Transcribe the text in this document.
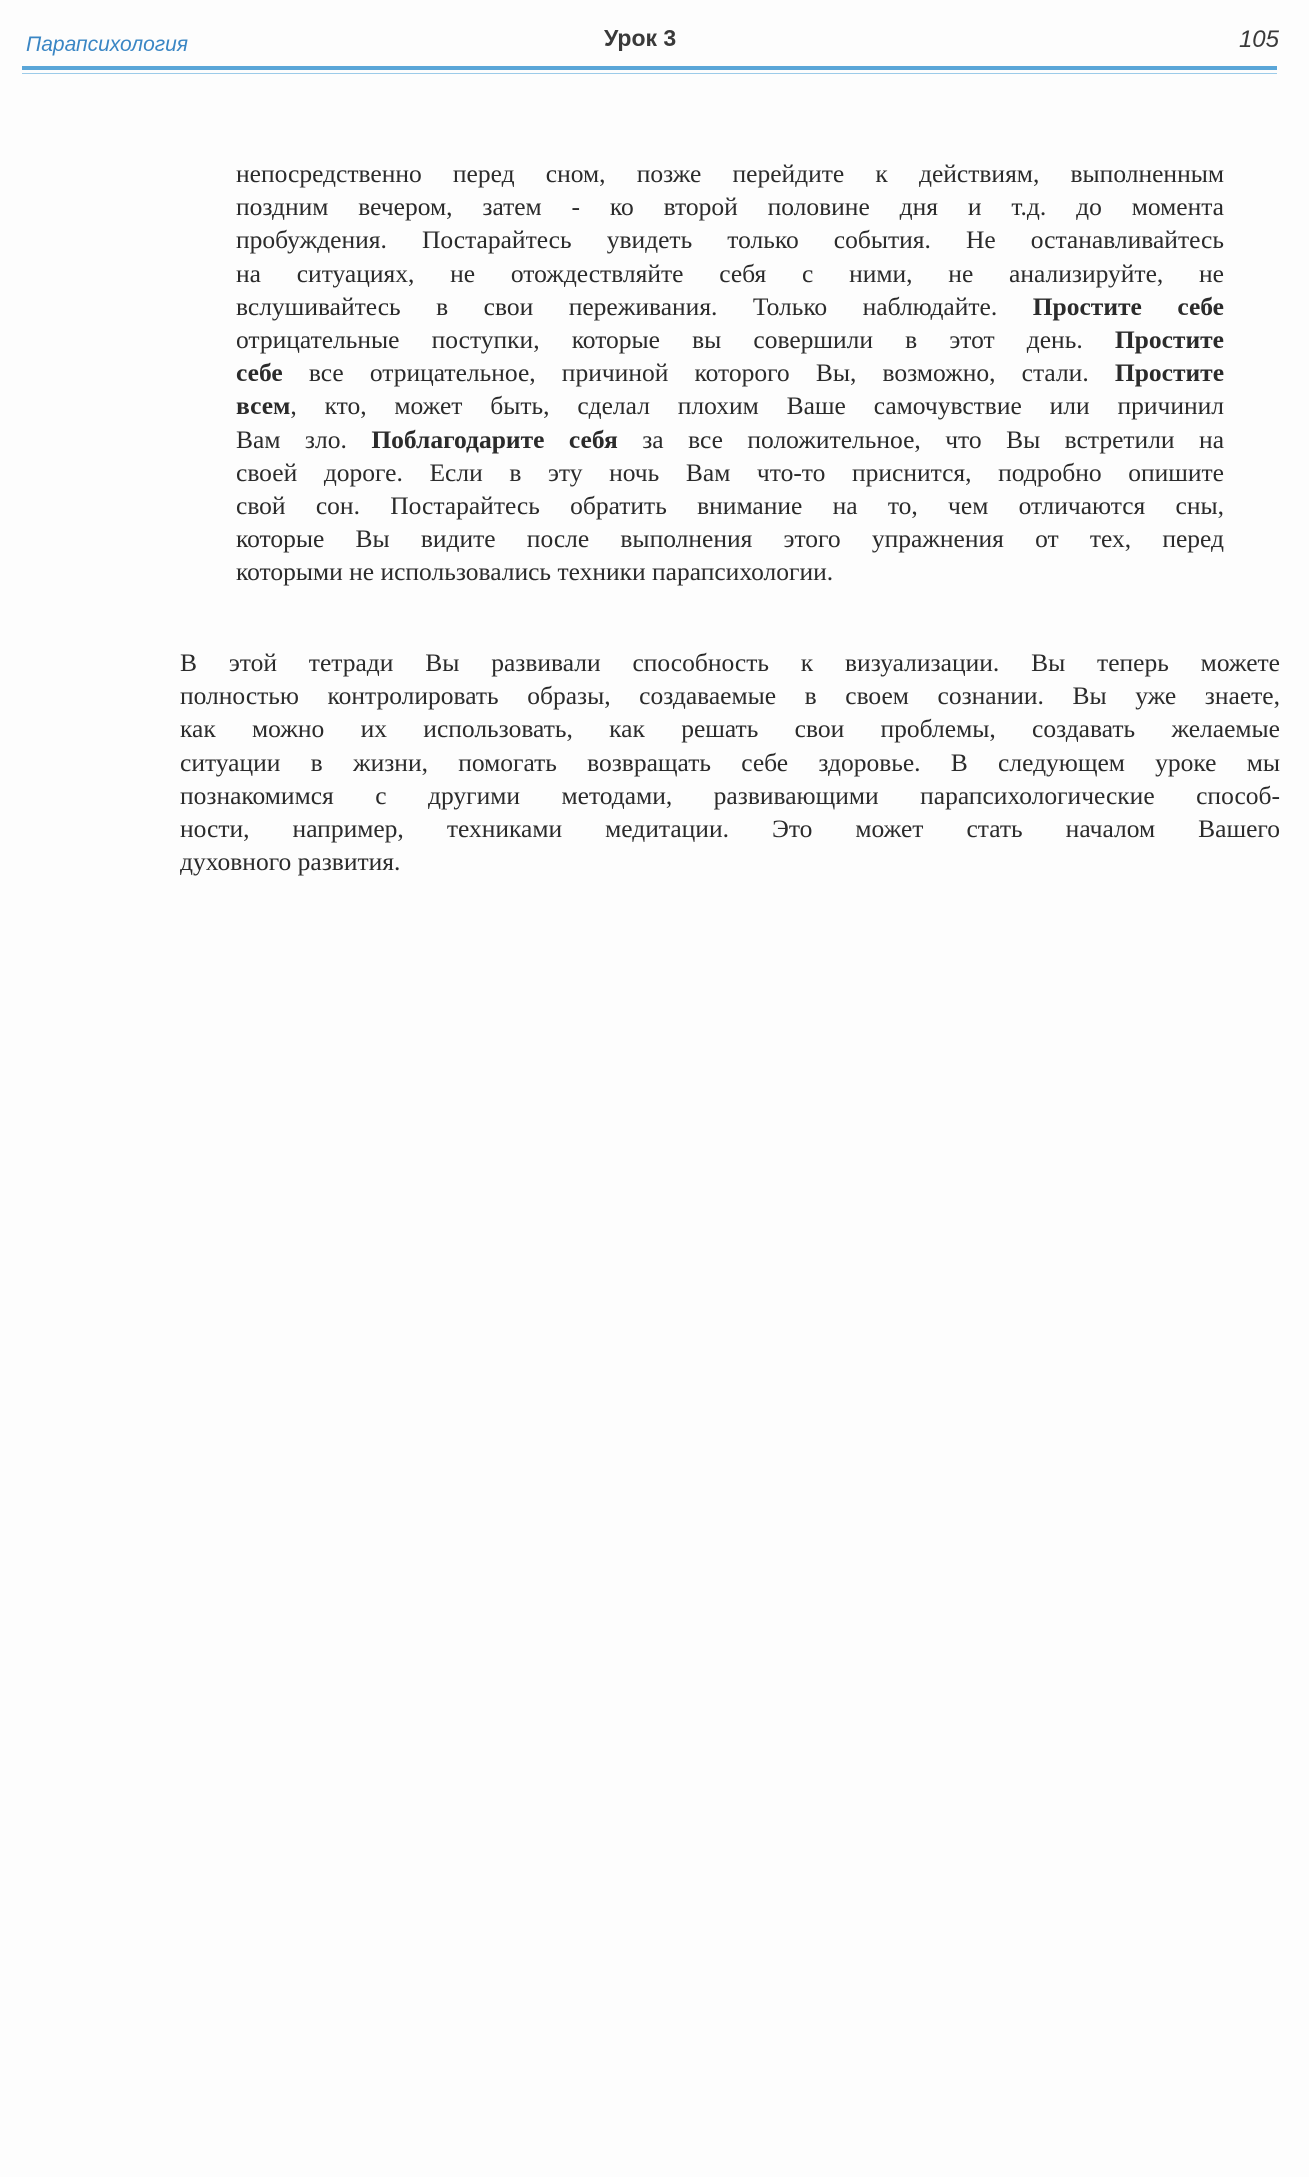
Парапсихология	Урок 3	105

непосредственно перед сном, позже перейдите к действиям, выполненным
поздним вечером, затем - ко второй половине дня и т.д. до момента
пробуждения. Постарайтесь увидеть только события. Не останавливайтесь
на ситуациях, не отождествляйте себя с ними, не анализируйте, не
вслушивайтесь в свои переживания. Только наблюдайте. Простите себе
отрицательные поступки, которые вы совершили в этот день. Простите
себе все отрицательное, причиной которого Вы, возможно, стали. Простите
всем, кто, может быть, сделал плохим Ваше самочувствие или причинил
Вам зло. Поблагодарите себя за все положительное, что Вы встретили на
своей дороге. Если в эту ночь Вам что-то приснится, подробно опишите
свой сон. Постарайтесь обратить внимание на то, чем отличаются сны,
которые Вы видите после выполнения этого упражнения от тех, перед
которыми не использовались техники парапсихологии.

В этой тетради Вы развивали способность к визуализации. Вы теперь можете
полностью контролировать образы, создаваемые в своем сознании. Вы уже знаете,
как можно их использовать, как решать свои проблемы, создавать желаемые
ситуации в жизни, помогать возвращать себе здоровье. В следующем уроке мы
познакомимся с другими методами, развивающими парапсихологические способ-
ности, например, техниками медитации. Это может стать началом Вашего
духовного развития.
